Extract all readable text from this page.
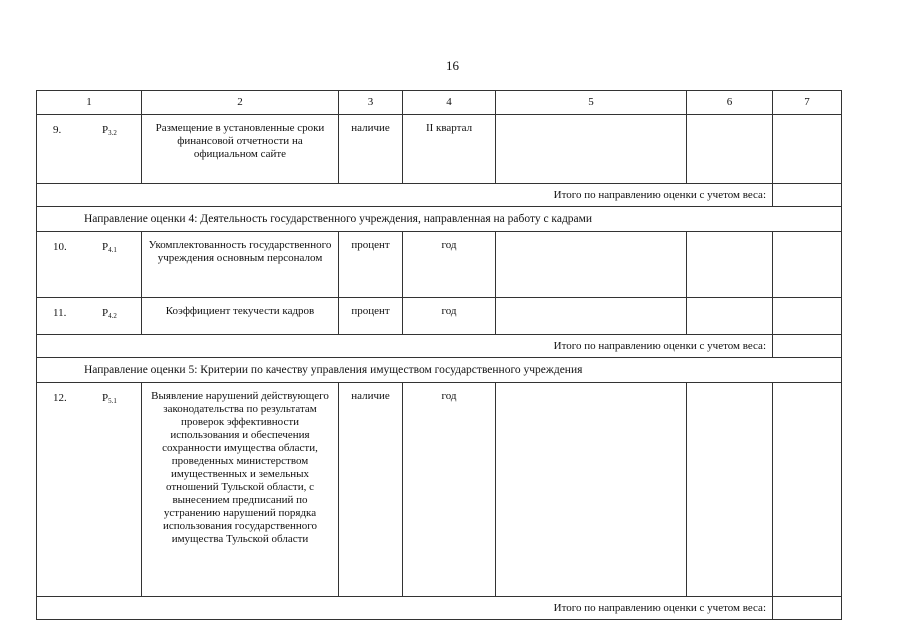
16
1	2	3	4	5	6	7

9. $P_{3.2}$	Размещение в установленные сроки финансовой отчетности на официальном сайте	наличие	II квартал			
Итого по направлению оценки с учетом веса:						
Направление оценки 4: Деятельность государственного учреждения, направленная на работу с кадрами						

10. $P_{4.1}$	Укомплектованность государственного учреждения основным персоналом	процент	год			

11. $P_{4.2}$	Коэффициент текучести кадров	процент	год			
Итого по направлению оценки с учетом веса:						
Направление оценки 5: Критерии по качеству управления имуществом государственного учреждения						

12. $P_{5.1}$	Выявление нарушений действующего законодательства по результатам проверок эффективности использования и обеспечения сохранности имущества области, проведенных министерством имущественных и земельных отношений Тульской области, с вынесением предписаний по устранению нарушений порядка использования государственного имущества Тульской области	наличие	год			
Итого по направлению оценки с учетом веса:						
